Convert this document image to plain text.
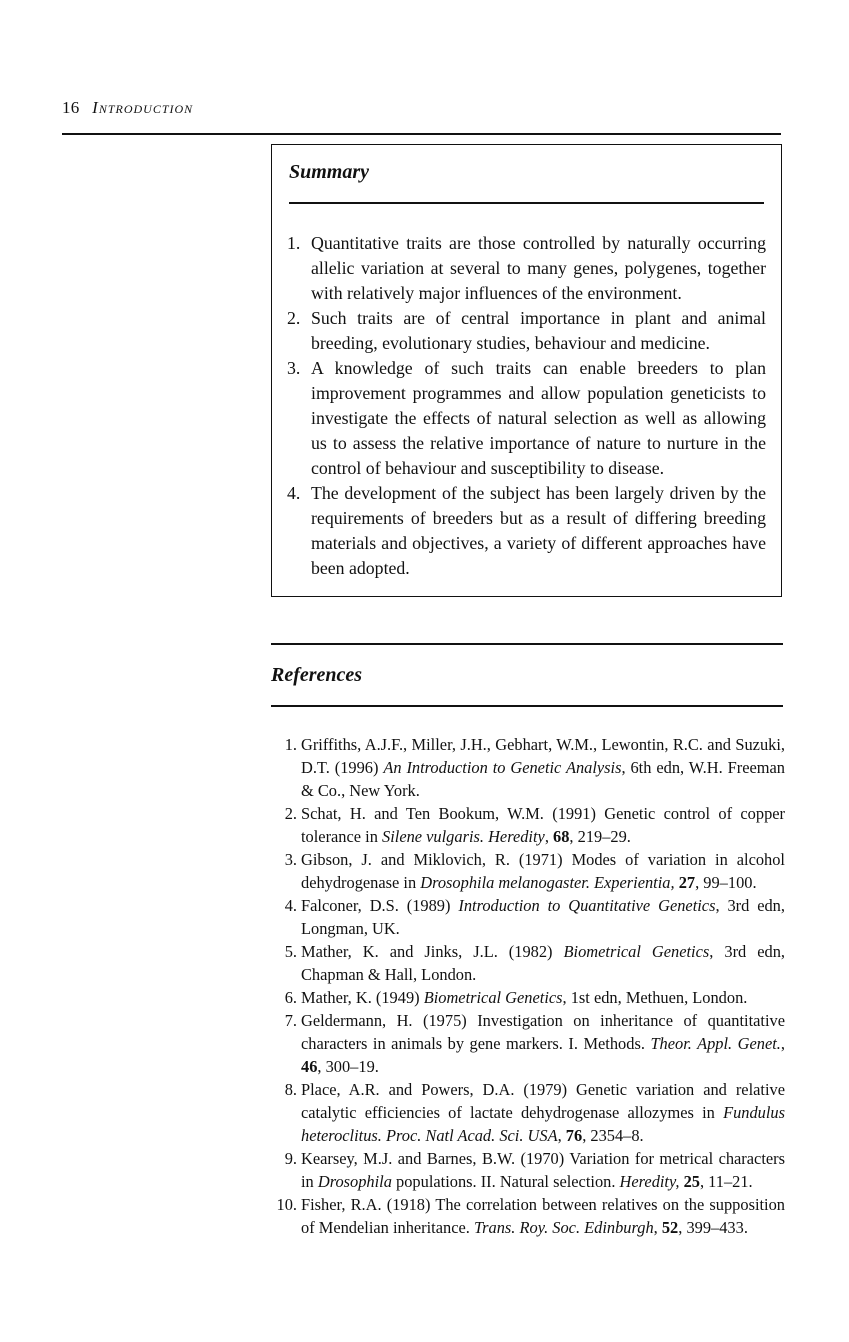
16 Introduction
Summary
1. Quantitative traits are those controlled by naturally occurring allelic variation at several to many genes, polygenes, together with relatively major influences of the environment.
2. Such traits are of central importance in plant and animal breeding, evolutionary studies, behaviour and medicine.
3. A knowledge of such traits can enable breeders to plan improvement programmes and allow population geneticists to investigate the effects of natural selection as well as allowing us to assess the relative importance of nature to nurture in the control of behaviour and susceptibility to disease.
4. The development of the subject has been largely driven by the requirements of breeders but as a result of differing breeding materials and objectives, a variety of different approaches have been adopted.
References
1. Griffiths, A.J.F., Miller, J.H., Gebhart, W.M., Lewontin, R.C. and Suzuki, D.T. (1996) An Introduction to Genetic Analysis, 6th edn, W.H. Freeman & Co., New York.
2. Schat, H. and Ten Bookum, W.M. (1991) Genetic control of copper tolerance in Silene vulgaris. Heredity, 68, 219–29.
3. Gibson, J. and Miklovich, R. (1971) Modes of variation in alcohol dehydrogenase in Drosophila melanogaster. Experientia, 27, 99–100.
4. Falconer, D.S. (1989) Introduction to Quantitative Genetics, 3rd edn, Longman, UK.
5. Mather, K. and Jinks, J.L. (1982) Biometrical Genetics, 3rd edn, Chapman & Hall, London.
6. Mather, K. (1949) Biometrical Genetics, 1st edn, Methuen, London.
7. Geldermann, H. (1975) Investigation on inheritance of quantitative characters in animals by gene markers. I. Methods. Theor. Appl. Genet., 46, 300–19.
8. Place, A.R. and Powers, D.A. (1979) Genetic variation and relative catalytic efficiencies of lactate dehydrogenase allozymes in Fundulus heteroclitus. Proc. Natl Acad. Sci. USA, 76, 2354–8.
9. Kearsey, M.J. and Barnes, B.W. (1970) Variation for metrical characters in Drosophila populations. II. Natural selection. Heredity, 25, 11–21.
10. Fisher, R.A. (1918) The correlation between relatives on the supposition of Mendelian inheritance. Trans. Roy. Soc. Edinburgh, 52, 399–433.
